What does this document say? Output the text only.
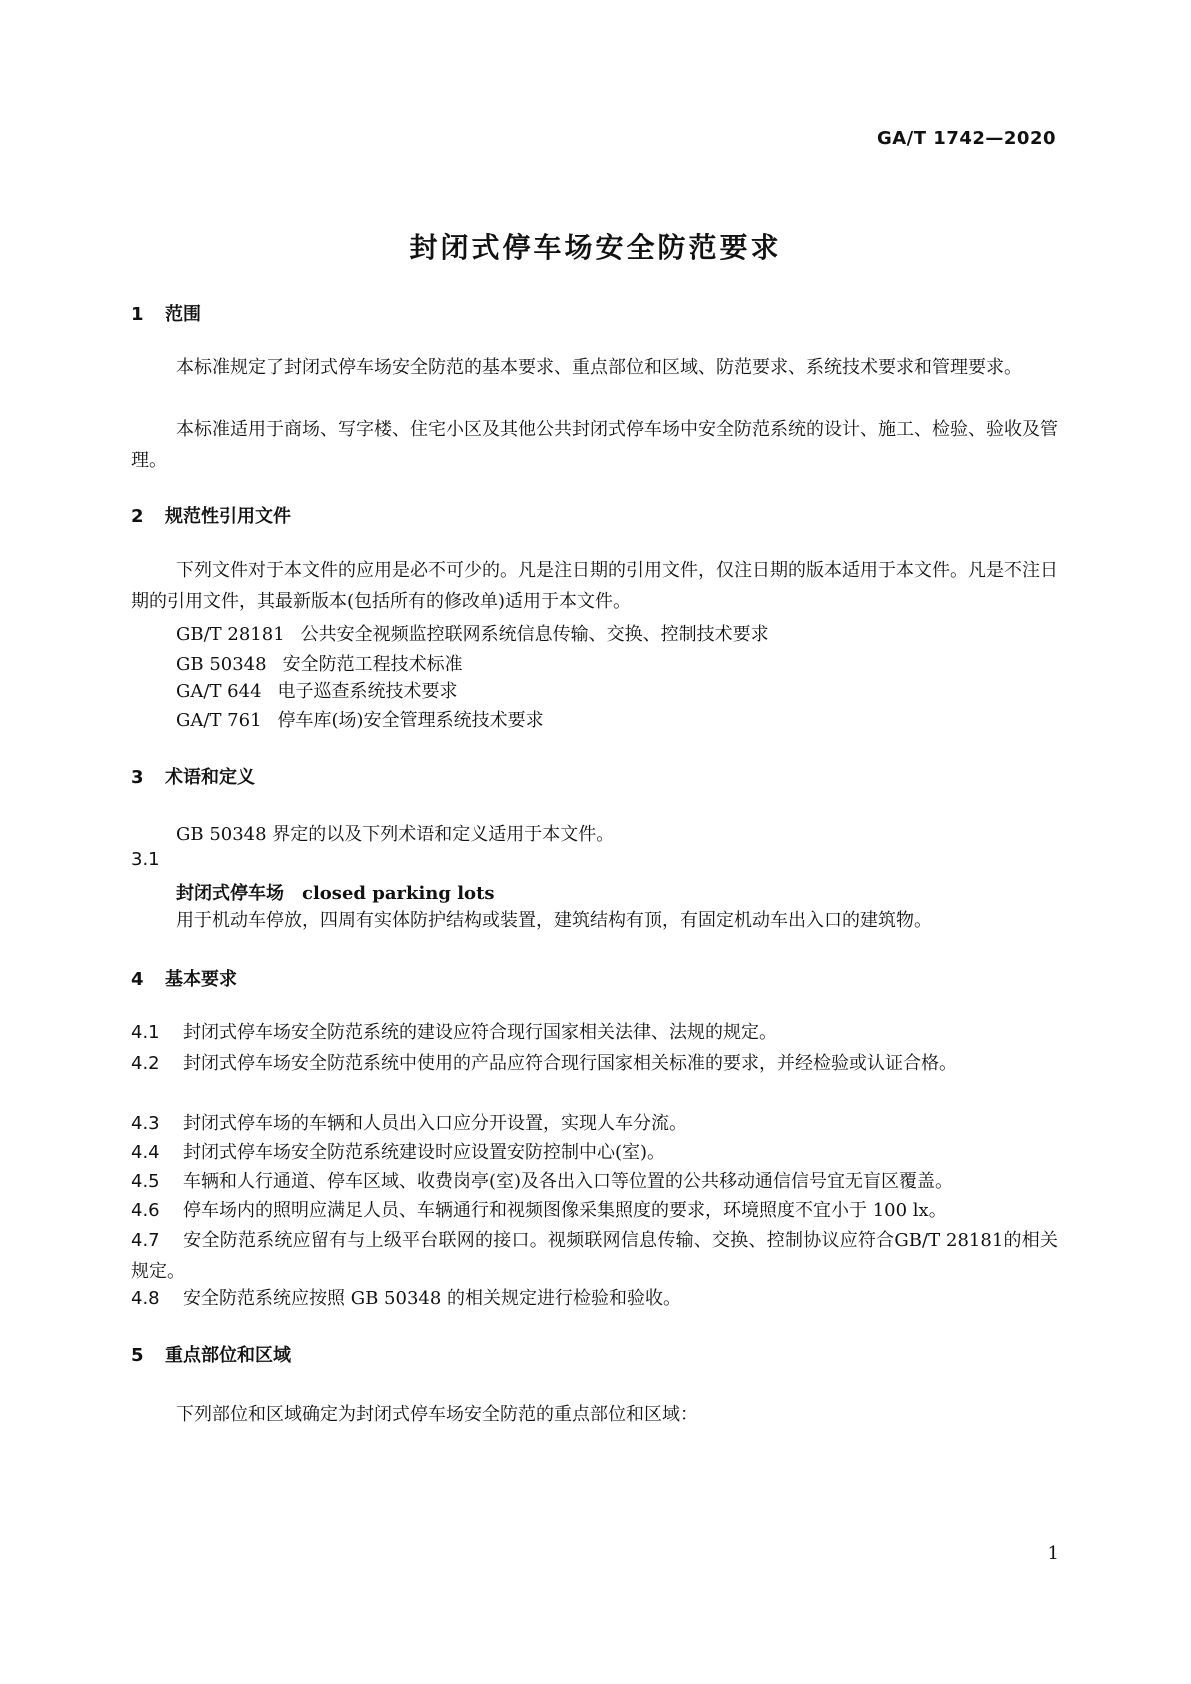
GA/T 1742—2020
封闭式停车场安全防范要求
1 范围
本标准规定了封闭式停车场安全防范的基本要求、重点部位和区域、防范要求、系统技术要求和管理要求。
本标准适用于商场、写字楼、住宅小区及其他公共封闭式停车场中安全防范系统的设计、施工、检验、验收及管理。
2 规范性引用文件
下列文件对于本文件的应用是必不可少的。凡是注日期的引用文件，仅注日期的版本适用于本文件。凡是不注日期的引用文件，其最新版本(包括所有的修改单)适用于本文件。
GB/T 28181 公共安全视频监控联网系统信息传输、交换、控制技术要求
GB 50348 安全防范工程技术标准
GA/T 644 电子巡查系统技术要求
GA/T 761 停车库(场)安全管理系统技术要求
3 术语和定义
GB 50348 界定的以及下列术语和定义适用于本文件。
3.1
封闭式停车场 closed parking lots
用于机动车停放，四周有实体防护结构或装置，建筑结构有顶，有固定机动车出入口的建筑物。
4 基本要求
4.1 封闭式停车场安全防范系统的建设应符合现行国家相关法律、法规的规定。
4.2 封闭式停车场安全防范系统中使用的产品应符合现行国家相关标准的要求，并经检验或认证合格。
4.3 封闭式停车场的车辆和人员出入口应分开设置，实现人车分流。
4.4 封闭式停车场安全防范系统建设时应设置安防控制中心(室)。
4.5 车辆和人行通道、停车区域、收费岗亭(室)及各出入口等位置的公共移动通信信号宜无盲区覆盖。
4.6 停车场内的照明应满足人员、车辆通行和视频图像采集照度的要求，环境照度不宜小于 100 lx。
4.7 安全防范系统应留有与上级平台联网的接口。视频联网信息传输、交换、控制协议应符合GB/T 28181的相关规定。
4.8 安全防范系统应按照 GB 50348 的相关规定进行检验和验收。
5 重点部位和区域
下列部位和区域确定为封闭式停车场安全防范的重点部位和区域：
1
